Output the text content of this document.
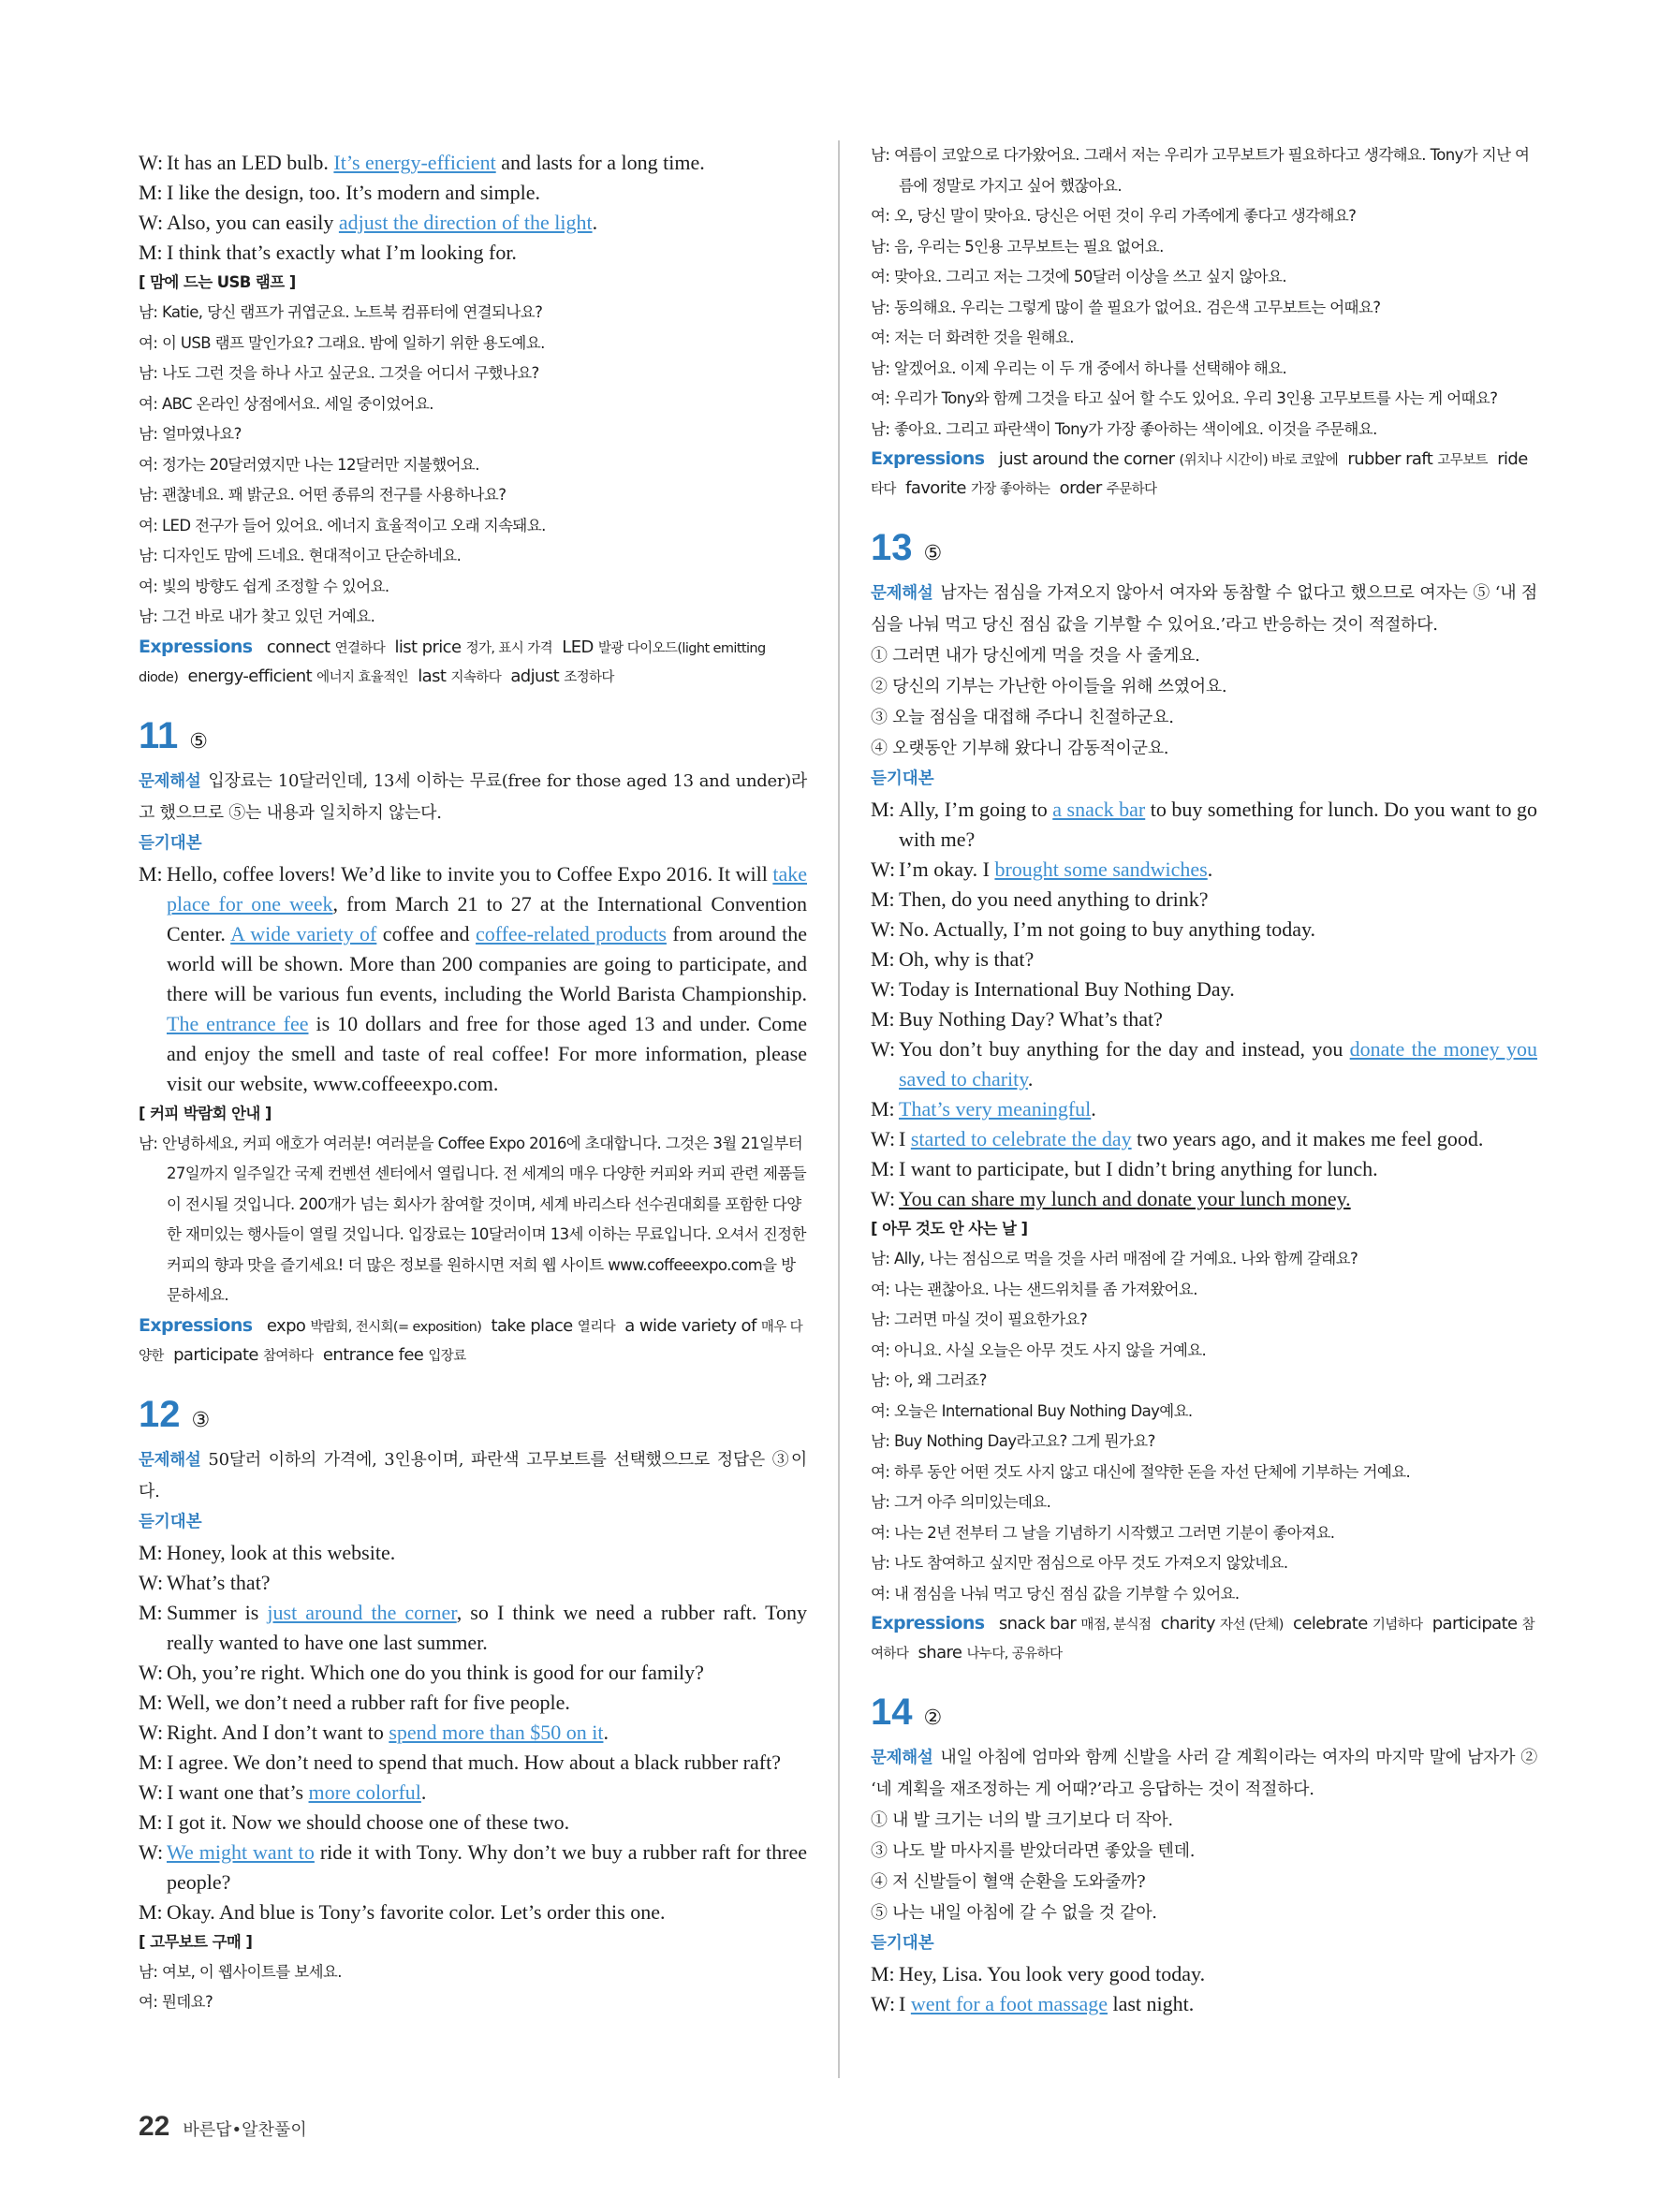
W: It has an LED bulb. It’s energy-efficient and lasts for a long time.
M: I like the design, too. It’s modern and simple.
W: Also, you can easily adjust the direction of the light.
M: I think that’s exactly what I’m looking for.
[ 맘에 드는 USB 램프 ]
남: Katie, 당신 램프가 귀엽군요. 노트북 컴퓨터에 연결되나요?
여: 이 USB 램프 말인가요? 그래요. 밤에 일하기 위한 용도예요.
남: 나도 그런 것을 하나 사고 싶군요. 그것을 어디서 구했나요?
여: ABC 온라인 상점에서요. 세일 중이었어요.
남: 얼마였나요?
여: 정가는 20달러였지만 나는 12달러만 지불했어요.
남: 괜찮네요. 꽤 밝군요. 어떤 종류의 전구를 사용하나요?
여: LED 전구가 들어 있어요. 에너지 효율적이고 오래 지속돼요.
남: 디자인도 맘에 드네요. 현대적이고 단순하네요.
여: 빛의 방향도 쉽게 조정할 수 있어요.
남: 그건 바로 내가 찾고 있던 거예요.
Expressions connect 연결하다 list price 정가, 표시 가격 LED 발광 다이오드(light emitting diode) energy-efficient 에너지 효율적인 last 지속하다 adjust 조정하다
11 ⑤
문제해설 입장료는 10달러인데, 13세 이하는 무료(free for those aged 13 and under)라고 했으므로 ⑤는 내용과 일치하지 않는다.
듣기대본
M: Hello, coffee lovers! We’d like to invite you to Coffee Expo 2016. It will take place for one week, from March 21 to 27 at the International Convention Center. A wide variety of coffee and coffee-related products from around the world will be shown. More than 200 companies are going to participate, and there will be various fun events, including the World Barista Championship. The entrance fee is 10 dollars and free for those aged 13 and under. Come and enjoy the smell and taste of real coffee! For more information, please visit our website, www.coffeeexpo.com.
[ 커피 박람회 안내 ]
남: 안녕하세요, 커피 애호가 여러분! 여러분을 Coffee Expo 2016에 초대합니다. 그것은 3월 21일부터 27일까지 일주일간 국제 컨벤션 센터에서 열립니다. 전 세계의 매우 다양한 커피와 커피 관련 제품들이 전시될 것입니다. 200개가 넘는 회사가 참여할 것이며, 세계 바리스타 선수권대회를 포함한 다양한 재미있는 행사들이 열릴 것입니다. 입장료는 10달러이며 13세 이하는 무료입니다. 오셔서 진정한 커피의 향과 맛을 즐기세요! 더 많은 정보를 원하시면 저희 웹 사이트 www.coffeeexpo.com을 방문하세요.
Expressions expo 박람회, 전시회(= exposition) take place 열리다 a wide variety of 매우 다양한 participate 참여하다 entrance fee 입장료
12 ③
문제해설 50달러 이하의 가격에, 3인용이며, 파란색 고무보트를 선택했으므로 정답은 ③이다.
듣기대본
M: Honey, look at this website.
W: What’s that?
M: Summer is just around the corner, so I think we need a rubber raft. Tony really wanted to have one last summer.
W: Oh, you’re right. Which one do you think is good for our family?
M: Well, we don’t need a rubber raft for five people.
W: Right. And I don’t want to spend more than $50 on it.
M: I agree. We don’t need to spend that much. How about a black rubber raft?
W: I want one that’s more colorful.
M: I got it. Now we should choose one of these two.
W: We might want to ride it with Tony. Why don’t we buy a rubber raft for three people?
M: Okay. And blue is Tony’s favorite color. Let’s order this one.
[ 고무보트 구매 ]
남: 여보, 이 웹사이트를 보세요.
여: 뭔데요?
남: 여름이 코앞으로 다가왔어요. 그래서 저는 우리가 고무보트가 필요하다고 생각해요. Tony가 지난 여름에 정말로 가지고 싶어 했잖아요.
여: 오, 당신 말이 맞아요. 당신은 어떤 것이 우리 가족에게 좋다고 생각해요?
남: 음, 우리는 5인용 고무보트는 필요 없어요.
여: 맞아요. 그리고 저는 그것에 50달러 이상을 쓰고 싶지 않아요.
남: 동의해요. 우리는 그렇게 많이 쓸 필요가 없어요. 검은색 고무보트는 어때요?
여: 저는 더 화려한 것을 원해요.
남: 알겠어요. 이제 우리는 이 두 개 중에서 하나를 선택해야 해요.
여: 우리가 Tony와 함께 그것을 타고 싶어 할 수도 있어요. 우리 3인용 고무보트를 사는 게 어때요?
남: 좋아요. 그리고 파란색이 Tony가 가장 좋아하는 색이에요. 이것을 주문해요.
Expressions just around the corner (위치나 시간이) 바로 코앞에 rubber raft 고무보트 ride 타다 favorite 가장 좋아하는 order 주문하다
13 ⑤
문제해설 남자는 점심을 가져오지 않아서 여자와 동참할 수 없다고 했으므로 여자는 ⑤ ‘내 점심을 나눠 먹고 당신 점심 값을 기부할 수 있어요.’라고 반응하는 것이 적절하다.
① 그러면 내가 당신에게 먹을 것을 사 줄게요.
② 당신의 기부는 가난한 아이들을 위해 쓰였어요.
③ 오늘 점심을 대접해 주다니 친절하군요.
④ 오랫동안 기부해 왔다니 감동적이군요.
듣기대본
M: Ally, I’m going to a snack bar to buy something for lunch. Do you want to go with me?
W: I’m okay. I brought some sandwiches.
M: Then, do you need anything to drink?
W: No. Actually, I’m not going to buy anything today.
M: Oh, why is that?
W: Today is International Buy Nothing Day.
M: Buy Nothing Day? What’s that?
W: You don’t buy anything for the day and instead, you donate the money you saved to charity.
M: That’s very meaningful.
W: I started to celebrate the day two years ago, and it makes me feel good.
M: I want to participate, but I didn’t bring anything for lunch.
W: You can share my lunch and donate your lunch money.
[ 아무 것도 안 사는 날 ]
남: Ally, 나는 점심으로 먹을 것을 사러 매점에 갈 거예요. 나와 함께 갈래요?
여: 나는 괜찮아요. 나는 샌드위치를 좀 가져왔어요.
남: 그러면 마실 것이 필요한가요?
여: 아니요. 사실 오늘은 아무 것도 사지 않을 거예요.
남: 아, 왜 그러죠?
여: 오늘은 International Buy Nothing Day예요.
남: Buy Nothing Day라고요? 그게 뭔가요?
여: 하루 동안 어떤 것도 사지 않고 대신에 절약한 돈을 자선 단체에 기부하는 거예요.
남: 그거 아주 의미있는데요.
여: 나는 2년 전부터 그 날을 기념하기 시작했고 그러면 기분이 좋아져요.
남: 나도 참여하고 싶지만 점심으로 아무 것도 가져오지 않았네요.
여: 내 점심을 나눠 먹고 당신 점심 값을 기부할 수 있어요.
Expressions snack bar 매점, 분식점 charity 자선 (단체) celebrate 기념하다 participate 참여하다 share 나누다, 공유하다
14 ②
문제해설 내일 아침에 엄마와 함께 신발을 사러 갈 계획이라는 여자의 마지막 말에 남자가 ② ‘네 계획을 재조정하는 게 어때?’라고 응답하는 것이 적절하다.
① 내 발 크기는 너의 발 크기보다 더 작아.
③ 나도 발 마사지를 받았더라면 좋았을 텐데.
④ 저 신발들이 혈액 순환을 도와줄까?
⑤ 나는 내일 아침에 갈 수 없을 것 같아.
듣기대본
M: Hey, Lisa. You look very good today.
W: I went for a foot massage last night.
22 바른답•알찬풀이
